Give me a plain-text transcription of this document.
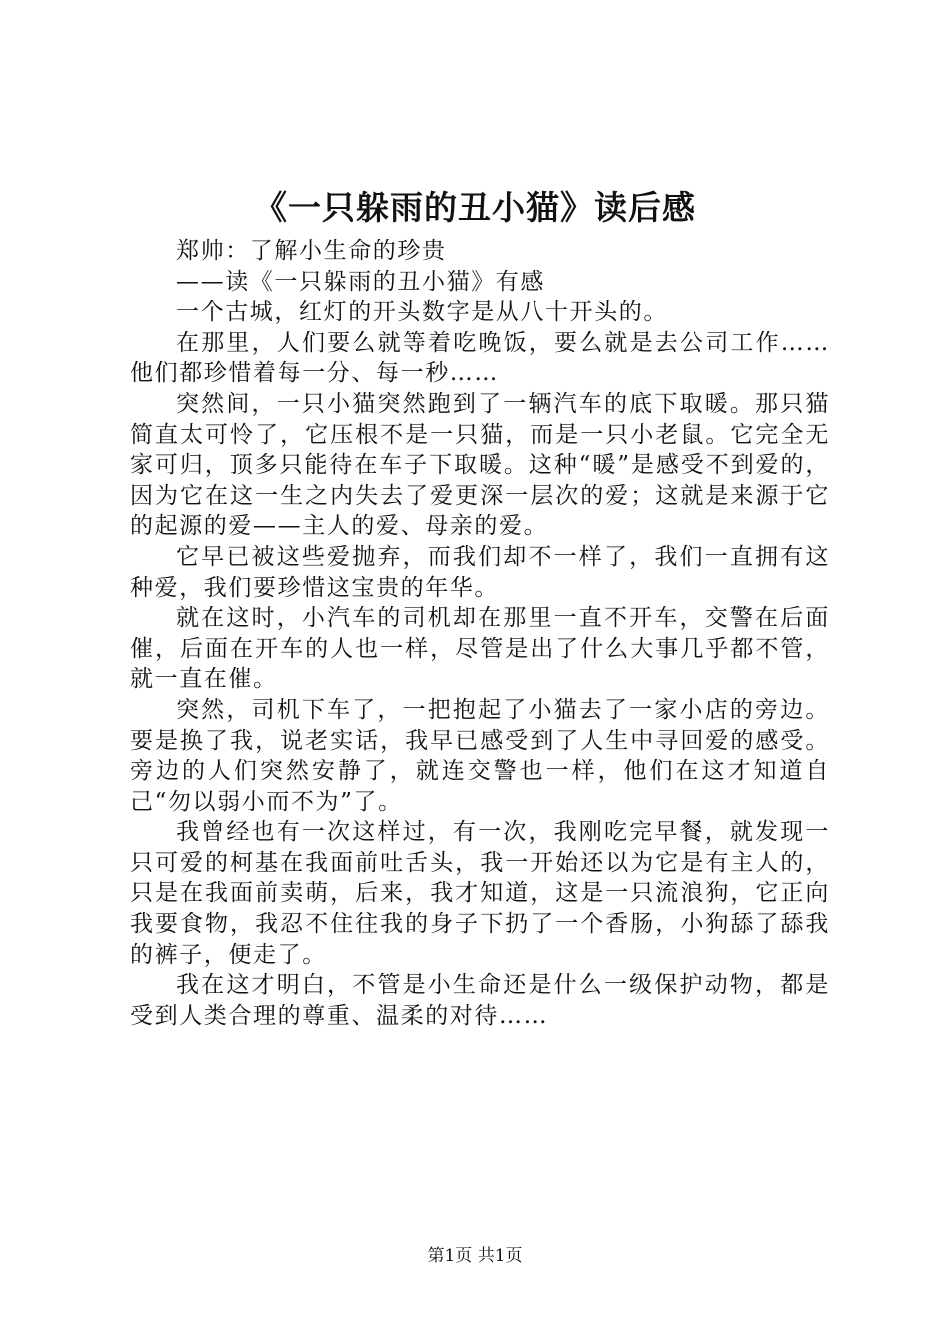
《一只躲雨的丑小猫》读后感

郑帅：了解小生命的珍贵

——读《一只躲雨的丑小猫》有感

一个古城，红灯的开头数字是从八十开头的。

在那里，人们要么就等着吃晚饭，要么就是去公司工作……他们都珍惜着每一分、每一秒……

突然间，一只小猫突然跑到了一辆汽车的底下取暖。那只猫简直太可怜了，它压根不是一只猫，而是一只小老鼠。它完全无家可归，顶多只能待在车子下取暖。这种“暖”是感受不到爱的，因为它在这一生之内失去了爱更深一层次的爱；这就是来源于它的起源的爱——主人的爱、母亲的爱。

它早已被这些爱抛弃，而我们却不一样了，我们一直拥有这种爱，我们要珍惜这宝贵的年华。

就在这时，小汽车的司机却在那里一直不开车，交警在后面催，后面在开车的人也一样，尽管是出了什么大事几乎都不管，就一直在催。

突然，司机下车了，一把抱起了小猫去了一家小店的旁边。要是换了我，说老实话，我早已感受到了人生中寻回爱的感受。旁边的人们突然安静了，就连交警也一样，他们在这才知道自己“勿以弱小而不为”了。

我曾经也有一次这样过，有一次，我刚吃完早餐，就发现一只可爱的柯基在我面前吐舌头，我一开始还以为它是有主人的，只是在我面前卖萌，后来，我才知道，这是一只流浪狗，它正向我要食物，我忍不住往我的身子下扔了一个香肠，小狗舔了舔我的裤子，便走了。

我在这才明白，不管是小生命还是什么一级保护动物，都是受到人类合理的尊重、温柔的对待……

第1页 共1页
